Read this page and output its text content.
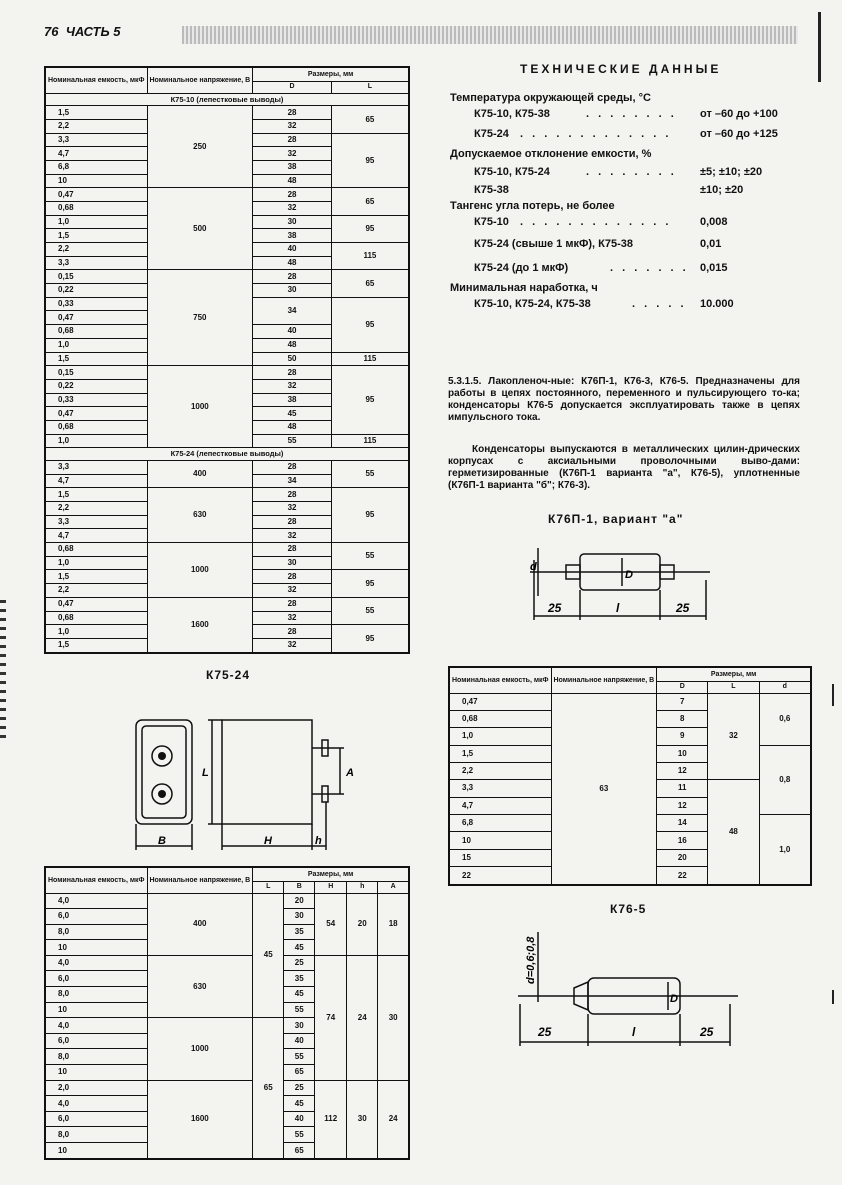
76 ЧАСТЬ 5
Номинальная емкость, мкФ	Номинальное напряжение, В	Размеры, мм	
		D	L
К75-10 (лепестковые выводы)			
1,5	250	28	65
2,2		32	
3,3		28	95
4,7		32	
6,8		38	
10		48	
0,47	500	28	65
0,68		32	
1,0		30	95
1,5		38	
2,2		40	115
3,3		48	
0,15	750	28	65
0,22		30	
0,33		34	95
0,47			
0,68		40	
1,0		48	
1,5		50	115
0,15	1000	28	95
0,22		32	
0,33		38	
0,47		45	
0,68		48	
1,0		55	115
К75-24 (лепестковые выводы)			
3,3	400	28	55
4,7		34	
1,5	630	28	95
2,2		32	
3,3		28	
4,7		32	
0,68	1000	28	55
1,0		30	
1,5		28	95
2,2		32	
0,47	1600	28	55
0,68		32	
1,0		28	95
1,5		32	
ТЕХНИЧЕСКИЕ ДАННЫЕ
Температура окружающей среды, °С
К75-10, К75-38	. . . . . . . . от –60 до +100
К75-24 . . . . . . . . . . . . .	от –60 до +125
Допускаемое отклонение емкости, %
К75-10, К75-24	. . . . . . . . ±5; ±10; ±20
К75-38	±10; ±20
Тангенс угла потерь, не более
К75-10 . . . . . . . . . . . . .	0,008
К75-24 (свыше 1 мкФ), К75-38	0,01
К75-24 (до 1 мкФ)	. . . . . . . 0,015
Минимальная наработка, ч
К75-10, К75-24, К75-38	. . . . . 10.000
5.3.1.5. Лакопленоч-ные: К76П-1, К76-3, К76-5. Предназначены для работы в цепях постоянного, переменного и пульсирующего то-ка; конденсаторы К76-5 допускается эксплуатировать также в цепях импульсного тока.
Конденсаторы выпускаются в металлических цилин-дрических корпусах с аксиальными проволочными выво-дами: герметизированные (К76П-1 варианта "а", К76-5), уплотненные (К76П-1 варианта "б"; К76-3).
К76П-1, вариант "а"
d
D
25	l	25
К75-24
B
L
H	h
A
Номинальная емкость, мкФ	Номинальное напряжение, В	Размеры, мм		
		D	L	d
0,47	63	7	32	0,6
0,68		8		
1,0		9		
1,5		10		0,8
2,2		12		
3,3		11	48	
4,7		12		
6,8		14		1,0
10		16		
15		20		
22		22		
К76-5
d=0,6;0,8
D
25	l	25
Номинальная емкость, мкФ	Номинальное напряжение, В	Размеры, мм				
		L	B	H	h	A
4,0	400	45	20	54	20	18
6,0			30			
8,0			35			
10			45			
4,0	630		25	74	24	30
6,0			35			
8,0			45			
10			55			
4,0	1000	65	30			
6,0			40			
8,0			55			
10			65			
2,0	1600		25	112	30	24
4,0			45			
6,0			40			
8,0			55			
10			65			
